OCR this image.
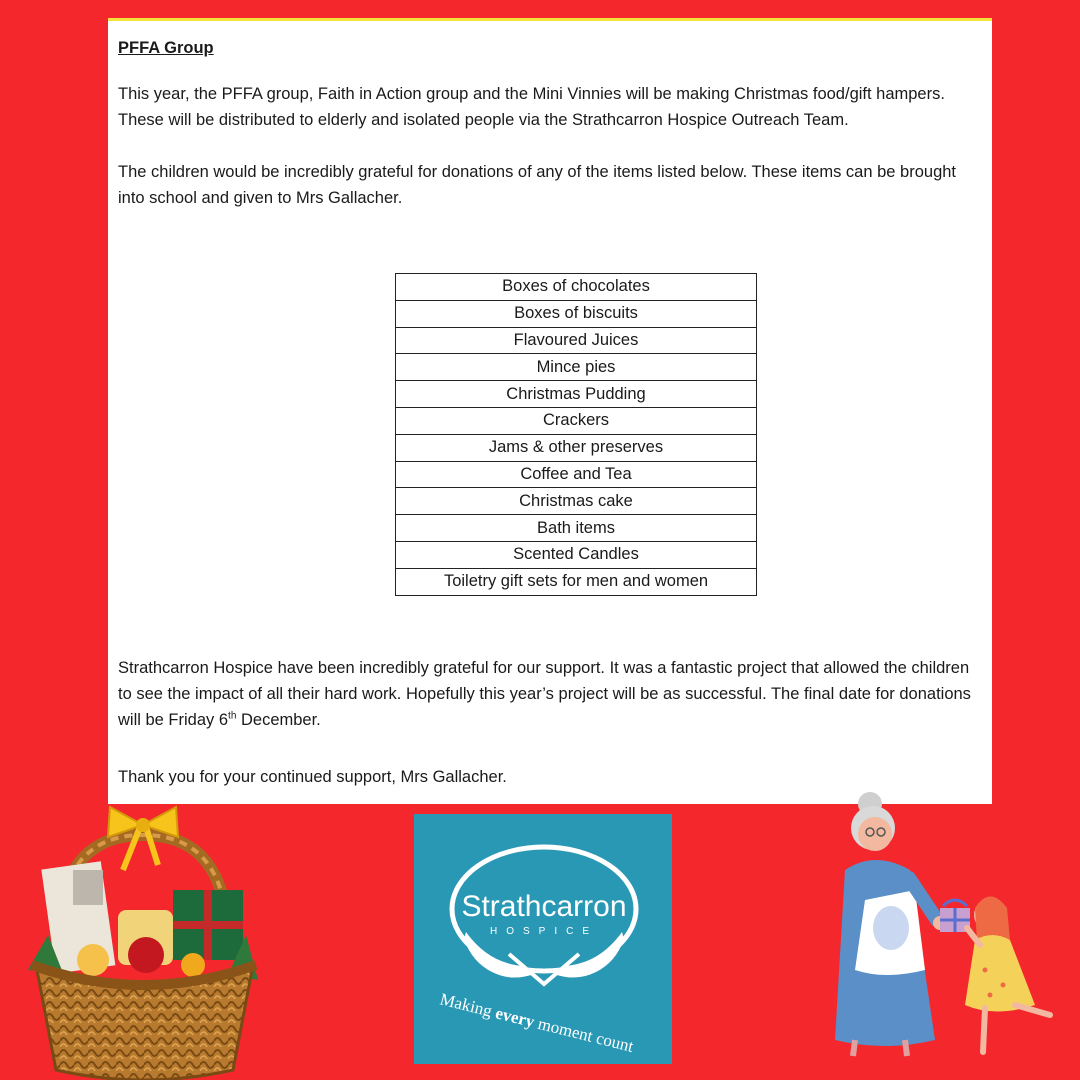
PFFA Group

This year, the PFFA group, Faith in Action group and the Mini Vinnies will be making Christmas food/gift hampers. These will be distributed to elderly and isolated people via the Strathcarron Hospice Outreach Team.

The children would be incredibly grateful for donations of any of the items listed below. These items can be brought into school and given to Mrs Gallacher.

Boxes of chocolates
Boxes of biscuits
Flavoured Juices
Mince pies
Christmas Pudding
Crackers
Jams & other preserves
Coffee and Tea
Christmas cake
Bath items
Scented Candles
Toiletry gift sets for men and women

Strathcarron Hospice have been incredibly grateful for our support. It was a fantastic project that allowed the children to see the impact of all their hard work. Hopefully this year’s project will be as successful. The final date for donations will be Friday 6th December.

Thank you for your continued support, Mrs Gallacher.

Strathcarron
HOSPICE
Making every moment count
